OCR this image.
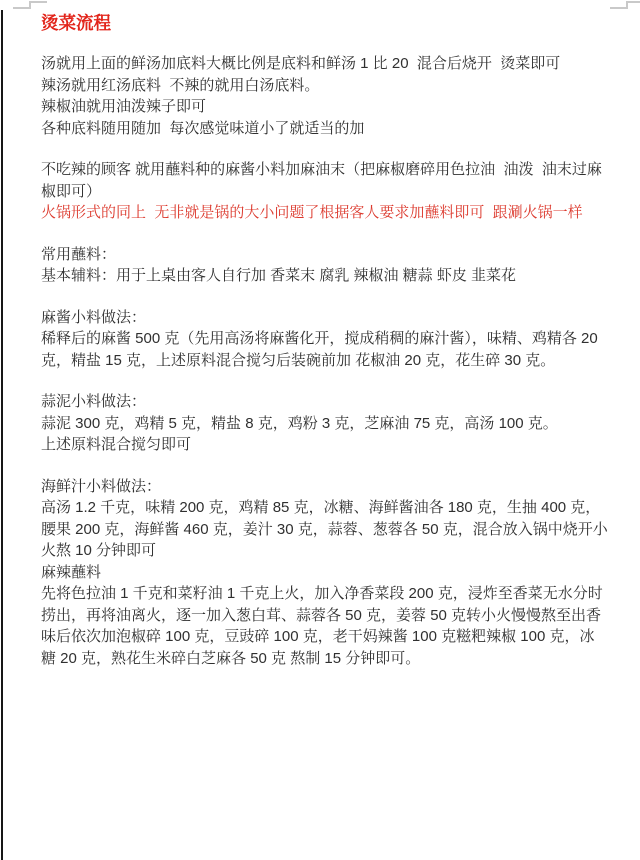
烫菜流程
汤就用上面的鲜汤加底料大概比例是底料和鲜汤 1 比 20  混合后烧开  烫菜即可
辣汤就用红汤底料  不辣的就用白汤底料。
辣椒油就用油泼辣子即可
各种底料随用随加  每次感觉味道小了就适当的加
不吃辣的顾客 就用蘸料种的麻酱小料加麻油末（把麻椒磨碎用色拉油  油泼  油末过麻椒即可）
火锅形式的同上  无非就是锅的大小问题了根据客人要求加蘸料即可  跟涮火锅一样
常用蘸料：
基本辅料：用于上桌由客人自行加 香菜末 腐乳 辣椒油 糖蒜 虾皮 韭菜花
麻酱小料做法：
稀释后的麻酱 500 克（先用高汤将麻酱化开，搅成稍稠的麻汁酱），味精、鸡精各 20 克，精盐 15 克，上述原料混合搅匀后装碗前加 花椒油 20 克，花生碎 30 克。
蒜泥小料做法：
蒜泥 300 克，鸡精 5 克，精盐 8 克，鸡粉 3 克，芝麻油 75 克，高汤 100 克。
上述原料混合搅匀即可
海鲜汁小料做法：
高汤 1.2 千克，味精 200 克，鸡精 85 克，冰糖、海鲜酱油各 180 克，生抽 400 克，腰果 200 克，海鲜酱 460 克，姜汁 30 克，蒜蓉、葱蓉各 50 克，混合放入锅中烧开小火熬 10 分钟即可
麻辣蘸料
先将色拉油 1 千克和菜籽油 1 千克上火，加入净香菜段 200 克，浸炸至香菜无水分时捞出，再将油离火，逐一加入葱白茸、蒜蓉各 50 克，姜蓉 50 克转小火慢慢熬至出香味后依次加泡椒碎 100 克，豆豉碎 100 克，老干妈辣酱 100 克糍粑辣椒 100 克，冰糖 20 克，熟花生米碎白芝麻各 50 克 熬制 15 分钟即可。
